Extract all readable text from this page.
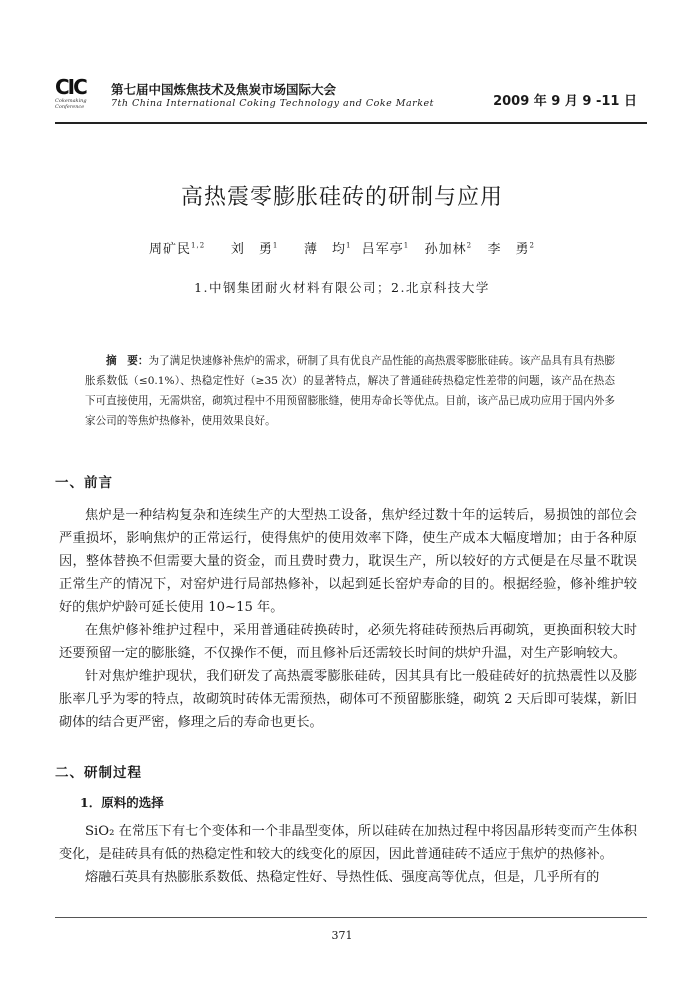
CIC
Cokemaking Conference
第七届中国炼焦技术及焦炭市场国际大会
7th China International Coking Technology and Coke Market	2009 年 9 月 9 -11 日
高热震零膨胀硅砖的研制与应用
周矿民$^{1,2}$ 刘　勇$^1$ 薄　均$^1$ 吕军亭$^1$ 孙加林$^2$ 李　勇$^2$
1.中钢集团耐火材料有限公司；2.北京科技大学
摘　要：为了满足快速修补焦炉的需求，研制了具有优良产品性能的高热震零膨胀硅砖。该产品具有具有热膨胀系数低（≤0.1%）、热稳定性好（≥35 次）的显著特点，解决了普通硅砖热稳定性差带的问题，该产品在热态下可直接使用，无需烘窑，砌筑过程中不用预留膨胀缝，使用寿命长等优点。目前，该产品已成功应用于国内外多家公司的等焦炉热修补，使用效果良好。
一、前言

焦炉是一种结构复杂和连续生产的大型热工设备，焦炉经过数十年的运转后，易损蚀的部位会严重损坏，影响焦炉的正常运行，使得焦炉的使用效率下降，使生产成本大幅度增加；由于各种原因，整体替换不但需要大量的资金，而且费时费力，耽误生产，所以较好的方式便是在尽量不耽误正常生产的情况下，对窑炉进行局部热修补，以起到延长窑炉寿命的目的。根据经验，修补维护较好的焦炉炉龄可延长使用 10~15 年。

在焦炉修补维护过程中，采用普通硅砖换砖时，必须先将硅砖预热后再砌筑，更换面积较大时还要预留一定的膨胀缝，不仅操作不便，而且修补后还需较长时间的烘炉升温，对生产影响较大。

针对焦炉维护现状，我们研发了高热震零膨胀硅砖，因其具有比一般硅砖好的抗热震性以及膨胀率几乎为零的特点，故砌筑时砖体无需预热，砌体可不预留膨胀缝，砌筑 2 天后即可装煤，新旧砌体的结合更严密，修理之后的寿命也更长。

二、研制过程
1．原料的选择

SiO₂ 在常压下有七个变体和一个非晶型变体，所以硅砖在加热过程中将因晶形转变而产生体积变化，是硅砖具有低的热稳定性和较大的线变化的原因，因此普通硅砖不适应于焦炉的热修补。

熔融石英具有热膨胀系数低、热稳定性好、导热性低、强度高等优点，但是，几乎所有的

371
